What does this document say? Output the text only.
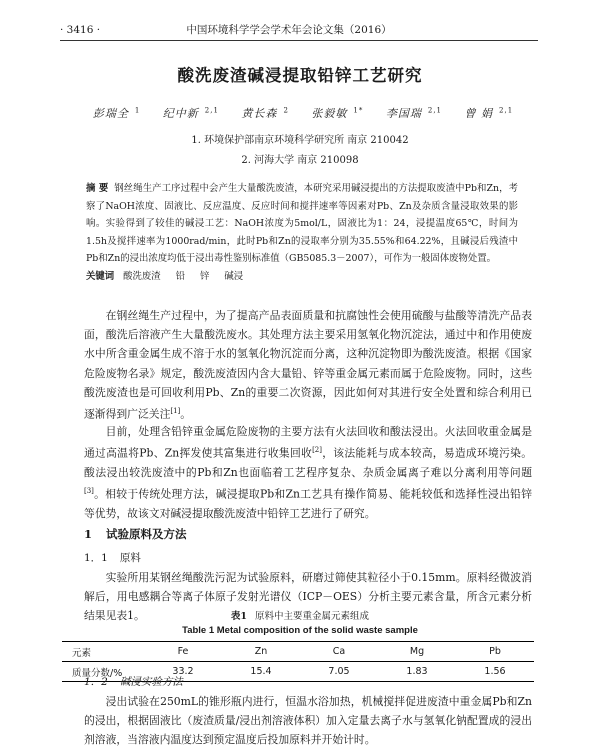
· 3416 ·	中国环境科学学会学术年会论文集（2016）
酸洗废渣碱浸提取铅锌工艺研究
彭瑞全 $^1$ 纪中新 $^{2,1}$ 黄长森 $^2$ 张毅敏 $^{1*}$ 李国瑞 $^{2,1}$ 曾 娟 $^{2,1}$
1. 环境保护部南京环境科学研究所 南京 210042
2. 河海大学 南京 210098
摘 要 钢丝绳生产工序过程中会产生大量酸洗废渣，本研究采用碱浸提出的方法提取废渣中Pb和Zn，考察了NaOH浓度、固液比、反应温度、反应时间和搅拌速率等因素对Pb、Zn及杂质含量浸取效果的影响。实验得到了较佳的碱浸工艺：NaOH浓度为5mol/L，固液比为1：24，浸提温度65℃，时间为1.5h及搅拌速率为1000rad/min，此时Pb和Zn的浸取率分别为35.55%和64.22%，且碱浸后残渣中Pb和Zn的浸出浓度均低于浸出毒性鉴别标准值（GB5085.3－2007），可作为一般固体废物处置。
关键词 酸洗废渣 铅 锌 碱浸
在钢丝绳生产过程中，为了提高产品表面质量和抗腐蚀性会使用硫酸与盐酸等清洗产品表面，酸洗后溶液产生大量酸洗废水。其处理方法主要采用氢氧化物沉淀法，通过中和作用使废水中所含重金属生成不溶于水的氢氧化物沉淀而分离，这种沉淀物即为酸洗废渣。根据《国家危险废物名录》规定，酸洗废渣因内含大量铅、锌等重金属元素而属于危险废物。同时，这些酸洗废渣也是可回收利用Pb、Zn的重要二次资源，因此如何对其进行安全处置和综合利用已逐渐得到广泛关注[1]。
目前，处理含铅锌重金属危险废物的主要方法有火法回收和酸法浸出。火法回收重金属是通过高温将Pb、Zn挥发使其富集进行收集回收[2]，该法能耗与成本较高，易造成环境污染。酸法浸出较洗废渣中的Pb和Zn也面临着工艺程序复杂、杂质金属离子难以分离利用等问题[3]。相较于传统处理方法，碱浸提取Pb和Zn工艺具有操作简易、能耗较低和选择性浸出铅锌等优势，故该文对碱浸提取酸洗废渣中铅锌工艺进行了研究。
1 试验原料及方法
1．1 原料
实验所用某钢丝绳酸洗污泥为试验原料，研磨过筛使其粒径小于0.15mm。原料经微波消解后，用电感耦合等离子体原子发射光谱仪（ICP－OES）分析主要元素含量，所含元素分析结果见表1。	表1 原料中主要重金属元素组成
Table 1 Metal composition of the solid waste sample
元素	Fe	Zn	Ca	Mg	Pb
质量分数/%	33.2	15.4	7.05	1.83	1.56
1．2 碱浸实验方法
浸出试验在250mL的锥形瓶内进行，恒温水浴加热，机械搅拌促进废渣中重金属Pb和Zn的浸出，根据固液比（废渣质量/浸出剂溶液体积）加入定量去离子水与氢氧化钠配置成的浸出剂溶液，当溶液内温度达到预定温度后投加原料并开始计时。
